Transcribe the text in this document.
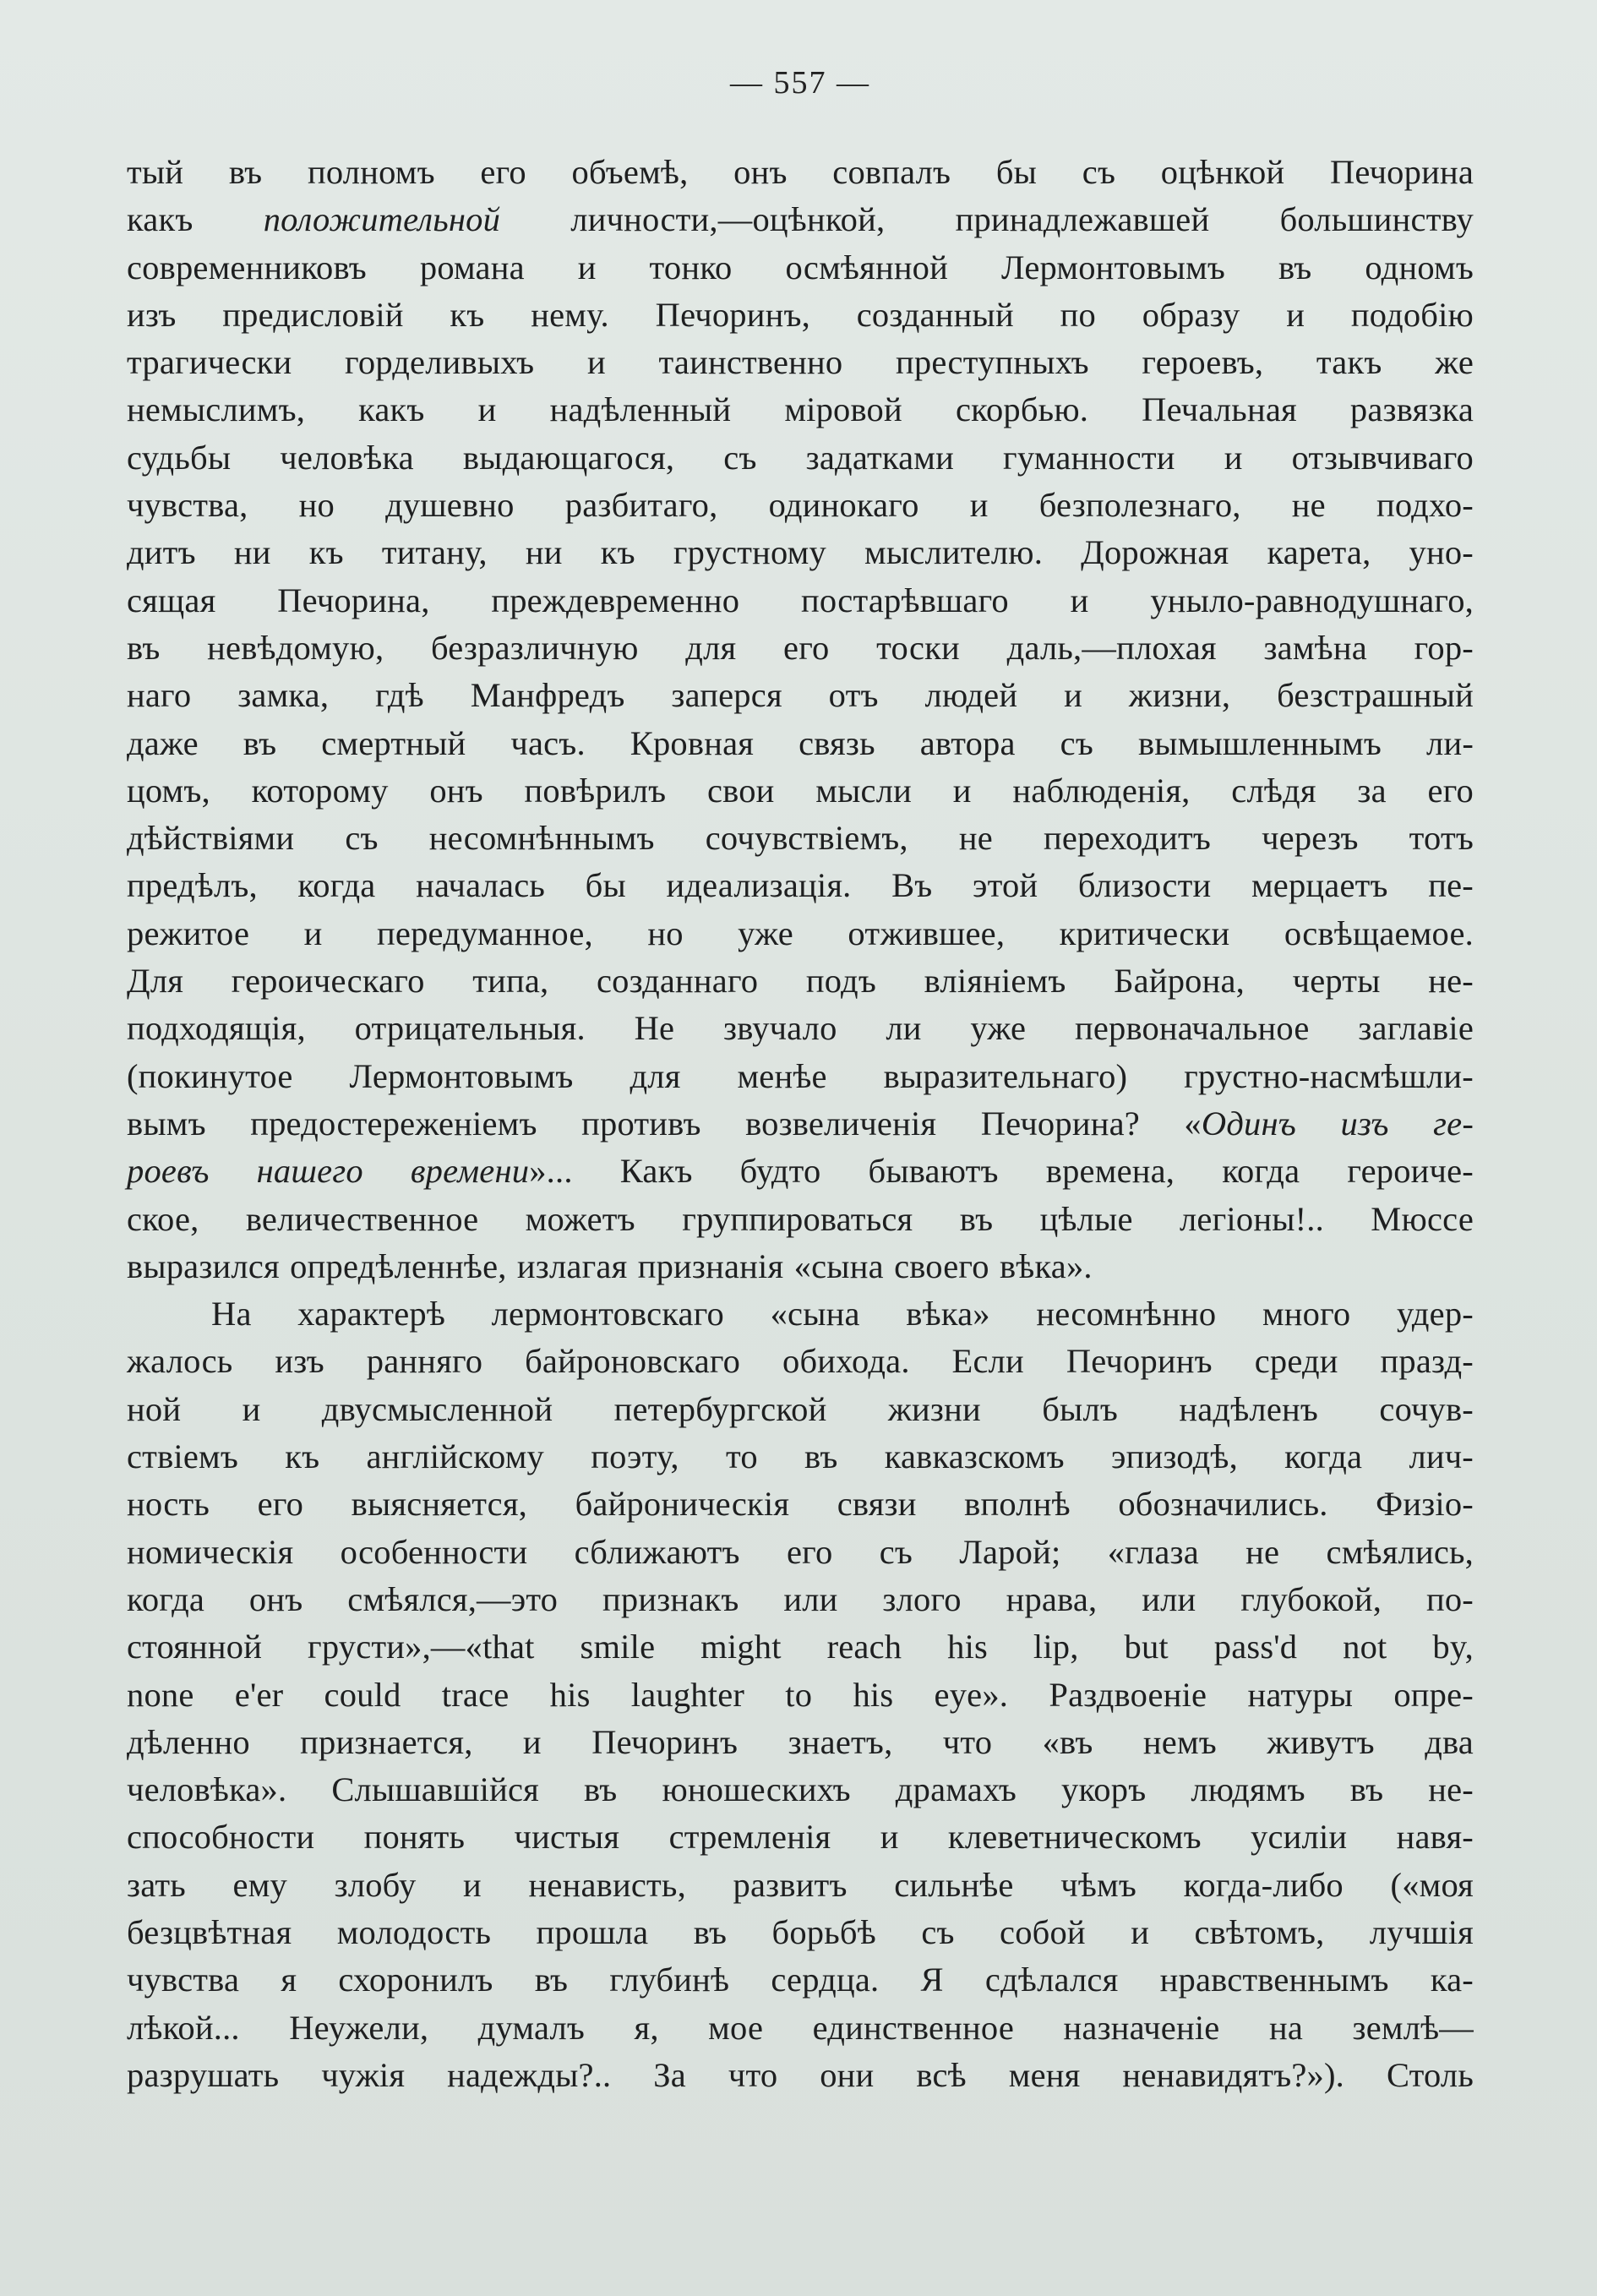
— 557 —

тый въ полномъ его объемѣ, онъ совпалъ бы съ оцѣнкой Печорина

какъ положительной личности,—оцѣнкой, принадлежавшей большинству

современниковъ романа и тонко осмѣянной Лермонтовымъ въ одномъ

изъ предисловій къ нему. Печоринъ, созданный по образу и подобію

трагически горделивыхъ и таинственно преступныхъ героевъ, такъ же

немыслимъ, какъ и надѣленный міровой скорбью. Печальная развязка

судьбы человѣка выдающагося, съ задатками гуманности и отзывчиваго

чувства, но душевно разбитаго, одинокаго и безполезнаго, не подхо-

дитъ ни къ титану, ни къ грустному мыслителю. Дорожная карета, уно-

сящая Печорина, преждевременно постарѣвшаго и уныло-равнодушнаго,

въ невѣдомую, безразличную для его тоски даль,—плохая замѣна гор-

наго замка, гдѣ Манфредъ заперся отъ людей и жизни, безстрашный

даже въ смертный часъ. Кровная связь автора съ вымышленнымъ ли-

цомъ, которому онъ повѣрилъ свои мысли и наблюденія, слѣдя за его

дѣйствіями съ несомнѣннымъ сочувствіемъ, не переходитъ черезъ тотъ

предѣлъ, когда началась бы идеализація. Въ этой близости мерцаетъ пе-

режитое и передуманное, но уже отжившее, критически освѣщаемое.

Для героическаго типа, созданнаго подъ вліяніемъ Байрона, черты не-

подходящія, отрицательныя. Не звучало ли уже первоначальное заглавіе

(покинутое Лермонтовымъ для менѣе выразительнаго) грустно-насмѣшли-

вымъ предостереженіемъ противъ возвеличенія Печорина? «Одинъ изъ ге-

роевъ нашего времени»... Какъ будто бываютъ времена, когда героиче-

ское, величественное можетъ группироваться въ цѣлые легіоны!.. Мюссе

выразился опредѣленнѣе, излагая признанія «сына своего вѣка».

На характерѣ лермонтовскаго «сына вѣка» несомнѣнно много удер-

жалось изъ ранняго байроновскаго обихода. Если Печоринъ среди празд-

ной и двусмысленной петербургской жизни былъ надѣленъ сочув-

ствіемъ къ англійскому поэту, то въ кавказскомъ эпизодѣ, когда лич-

ность его выясняется, байроническія связи вполнѣ обозначились. Физіо-

номическія особенности сближаютъ его съ Ларой; «глаза не смѣялись,

когда онъ смѣялся,—это признакъ или злого нрава, или глубокой, по-

стоянной грусти»,—«that smile might reach his lip, but pass'd not by,

none e'er could trace his laughter to his eye». Раздвоеніе натуры опре-

дѣленно признается, и Печоринъ знаетъ, что «въ немъ живутъ два

человѣка». Слышавшійся въ юношескихъ драмахъ укоръ людямъ въ не-

способности понять чистыя стремленія и клеветническомъ усиліи навя-

зать ему злобу и ненависть, развитъ сильнѣе чѣмъ когда-либо («моя

безцвѣтная молодость прошла въ борьбѣ съ собой и свѣтомъ, лучшія

чувства я схоронилъ въ глубинѣ сердца. Я сдѣлался нравственнымъ ка-

лѣкой... Неужели, думалъ я, мое единственное назначеніе на землѣ—

разрушать чужія надежды?.. За что они всѣ меня ненавидятъ?»). Столь
